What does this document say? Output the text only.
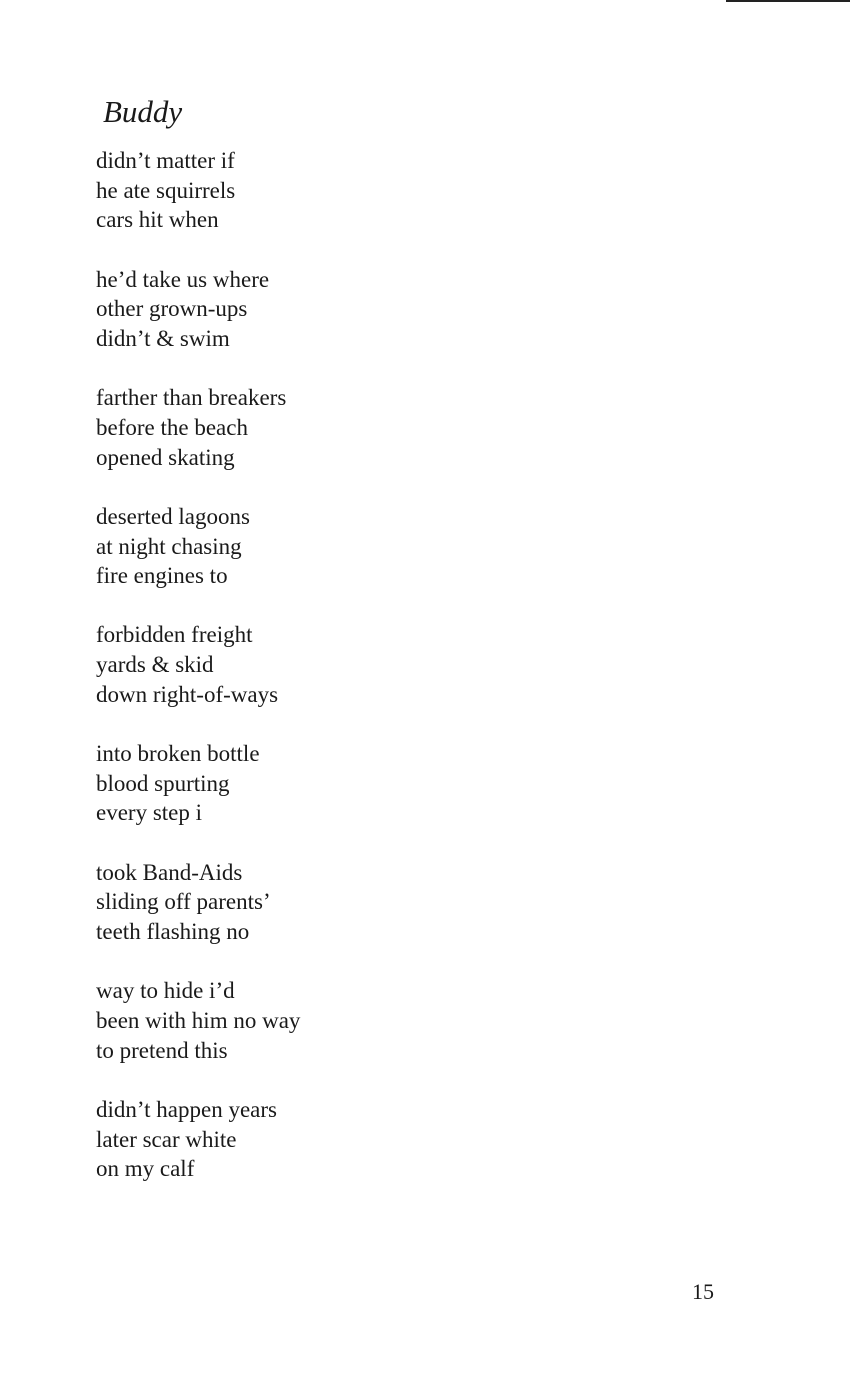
Buddy
didn’t matter if
he ate squirrels
cars hit when
he’d take us where
other grown-ups
didn’t & swim
farther than breakers
before the beach
opened skating
deserted lagoons
at night chasing
fire engines to
forbidden freight
yards & skid
down right-of-ways
into broken bottle
blood spurting
every step i
took Band-Aids
sliding off parents’
teeth flashing no
way to hide i’d
been with him no way
to pretend this
didn’t happen years
later scar white
on my calf
15
